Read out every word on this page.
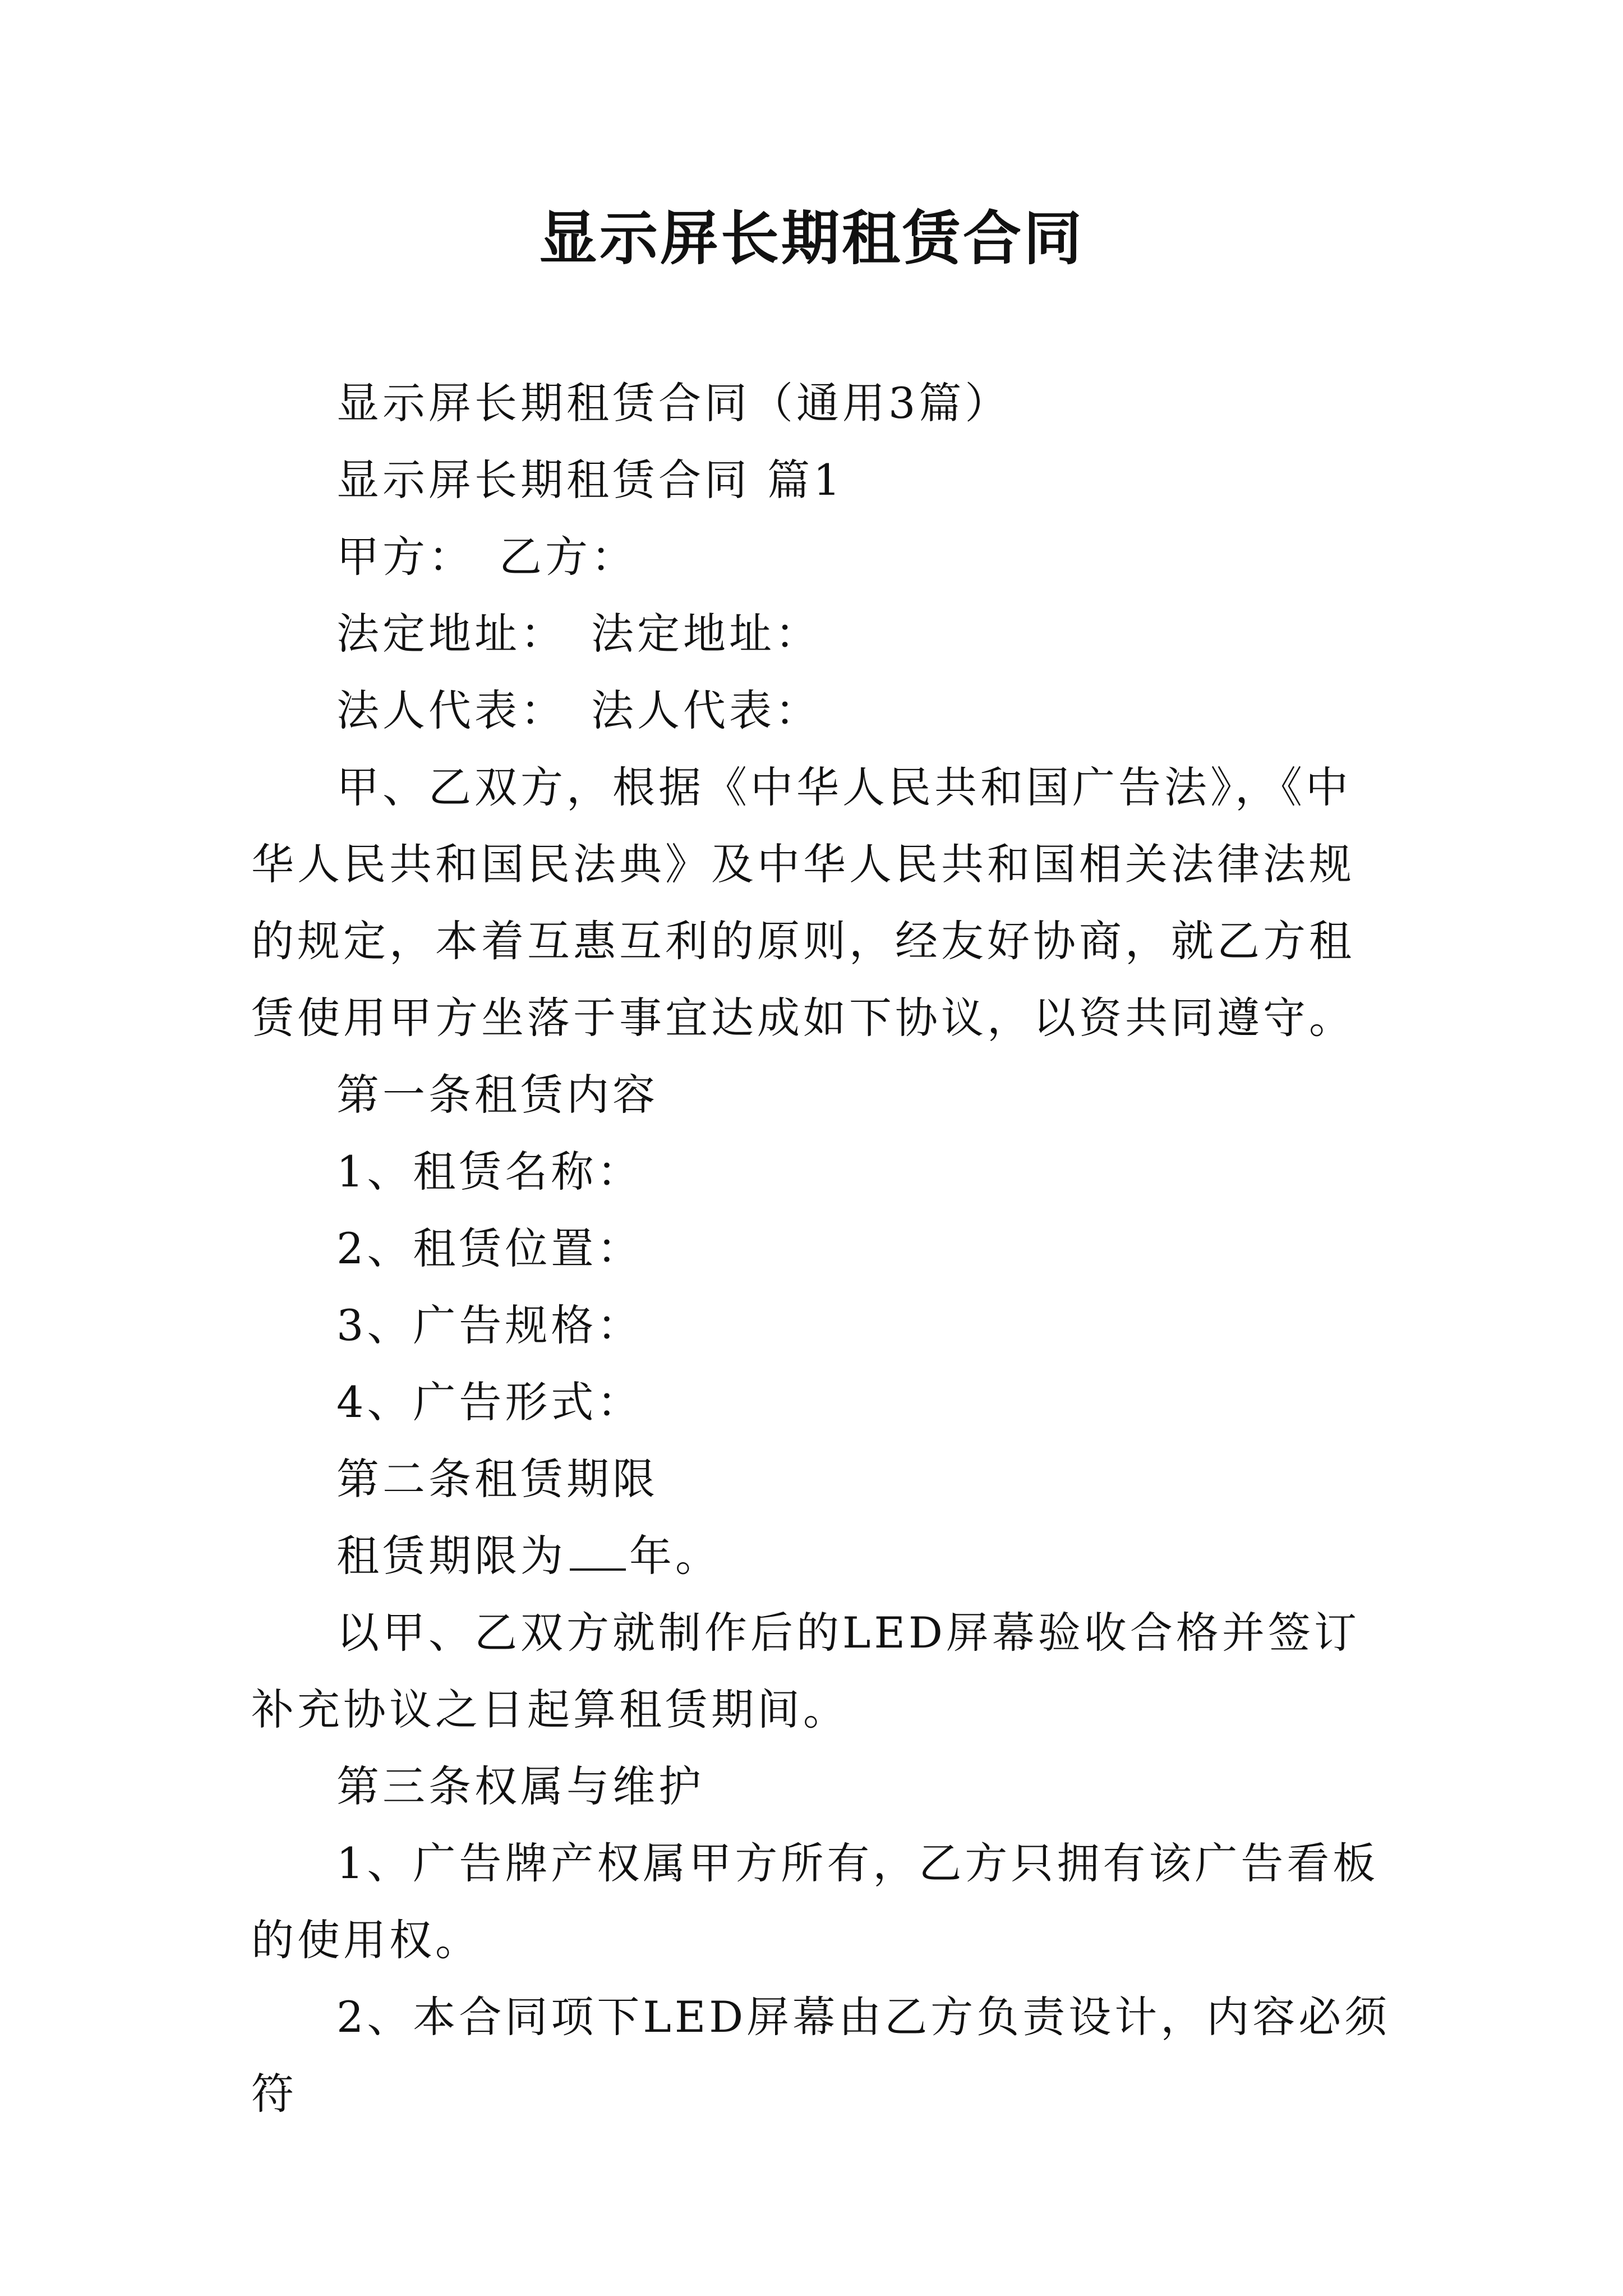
显示屏长期租赁合同

显示屏长期租赁合同（通用3篇）

显示屏长期租赁合同 篇1

甲方：　乙方：

法定地址：　法定地址：

法人代表：　法人代表：

甲、乙双方，根据《中华人民共和国广告法》，《中华人民共和国民法典》及中华人民共和国相关法律法规的规定，本着互惠互利的原则，经友好协商，就乙方租赁使用甲方坐落于事宜达成如下协议，以资共同遵守。

第一条租赁内容

1、租赁名称：

2、租赁位置：

3、广告规格：

4、广告形式：

第二条租赁期限

租赁期限为 年。

以甲、乙双方就制作后的LED屏幕验收合格并签订补充协议之日起算租赁期间。

第三条权属与维护

1、广告牌产权属甲方所有，乙方只拥有该广告看板的使用权。

2、本合同项下LED屏幕由乙方负责设计，内容必须符
